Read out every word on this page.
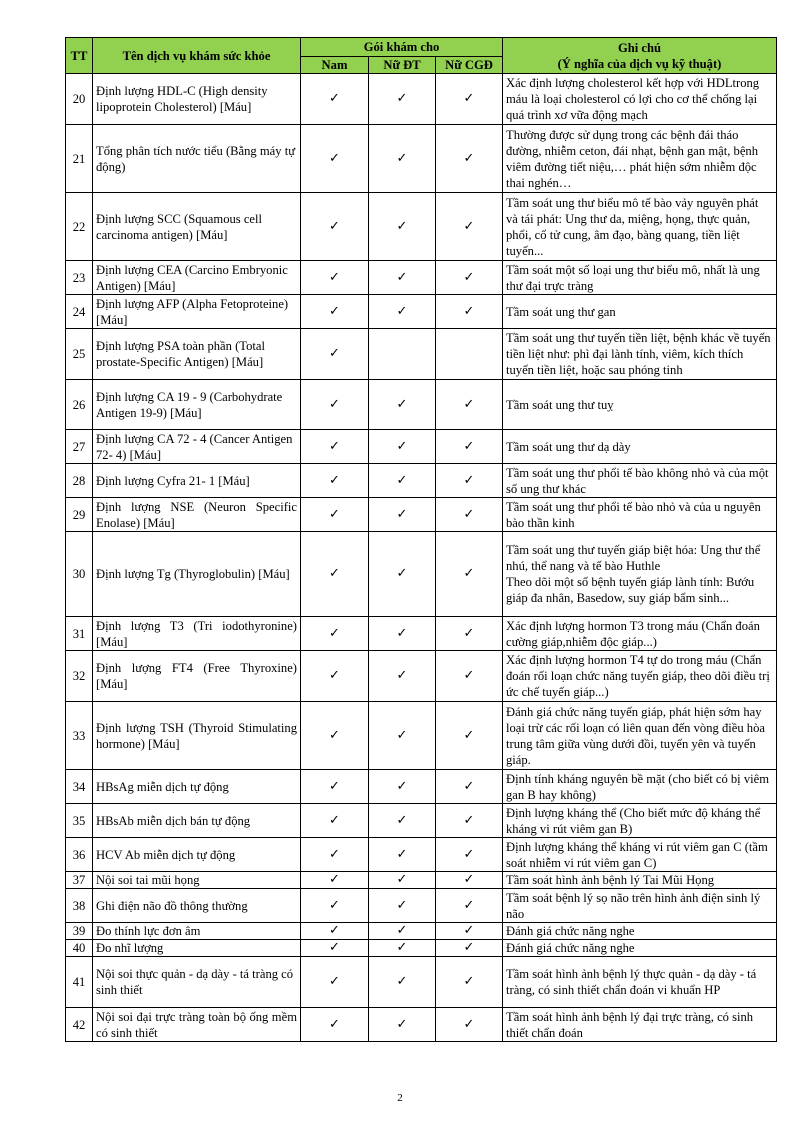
TT	Tên dịch vụ khám sức khỏe	Gói khám cho			Ghi chú
(Ý nghĩa của dịch vụ kỹ thuật)

		Nam	Nữ ĐT	Nữ CGĐ	
20	Định lượng HDL-C (High density lipoprotein Cholesterol) [Máu]	✓	✓	✓	Xác định lượng cholesterol kết hợp với HDLtrong máu là loại cholesterol có lợi cho cơ thể chống lại quá trình xơ vữa động mạch
21	Tổng phân tích nước tiểu (Bằng máy tự động)	✓	✓	✓	Thường được sử dụng trong các bệnh đái tháo đường, nhiễm ceton, đái nhạt, bệnh gan mật, bệnh viêm đường tiết niệu,… phát hiện sớm nhiễm độc thai nghén…
22	Định lượng SCC (Squamous cell carcinoma antigen) [Máu]	✓	✓	✓	Tầm soát ung thư biểu mô tế bào vảy nguyên phát và tái phát: Ung thư da, miệng, họng, thực quản, phổi, cổ tử cung, âm đạo, bàng quang, tiền liệt tuyến...
23	Định lượng CEA (Carcino Embryonic Antigen) [Máu]	✓	✓	✓	Tầm soát một số loại ung thư biểu mô, nhất là ung thư đại trực tràng
24	Định lượng AFP (Alpha Fetoproteine) [Máu]	✓	✓	✓	Tầm soát ung thư gan
25	Định lượng PSA toàn phần (Total prostate-Specific Antigen) [Máu]	✓			Tầm soát ung thư tuyến tiền liệt, bệnh khác về tuyến tiền liệt như: phì đại lành tính, viêm, kích thích tuyến tiền liệt, hoặc sau phóng tinh
26	Định lượng CA 19 - 9 (Carbohydrate Antigen 19-9) [Máu]	✓	✓	✓	Tầm soát ung thư tuỵ
27	Định lượng CA 72 - 4 (Cancer Antigen 72- 4) [Máu]	✓	✓	✓	Tầm soát ung thư dạ dày
28	Định lượng Cyfra 21- 1 [Máu]	✓	✓	✓	Tầm soát ung thư phổi tế bào không nhỏ và của một số ung thư khác
29	Định lượng NSE (Neuron Specific Enolase) [Máu]	✓	✓	✓	Tầm soát ung thư phổi tế bào nhỏ và của u nguyên bào thần kinh
30	Định lượng Tg (Thyroglobulin) [Máu]	✓	✓	✓	Tầm soát ung thư tuyến giáp biệt hóa: Ung thư thể nhú, thể nang và tế bào Huthle
Theo dõi một số bệnh tuyến giáp lành tính: Bướu giáp đa nhân, Basedow, suy giáp bẩm sinh...

31	Định lượng T3 (Tri iodothyronine) [Máu]	✓	✓	✓	Xác định lượng hormon T3 trong máu (Chẩn đoán cường giáp,nhiễm độc giáp...)
32	Định lượng FT4 (Free Thyroxine) [Máu]	✓	✓	✓	Xác định lượng hormon T4 tự do trong máu (Chẩn đoán rối loạn chức năng tuyến giáp, theo dõi điều trị ức chế tuyến giáp...)
33	Định lượng TSH (Thyroid Stimulating hormone) [Máu]	✓	✓	✓	Đánh giá chức năng tuyến giáp, phát hiện sớm hay loại trừ các rối loạn có liên quan đến vòng điều hòa trung tâm giữa vùng dưới đồi, tuyến yên và tuyến giáp.
34	HBsAg miễn dịch tự động	✓	✓	✓	Định tính kháng nguyên bề mặt (cho biết có bị viêm gan B hay không)
35	HBsAb miễn dịch bán tự động	✓	✓	✓	Định lượng kháng thể (Cho biết mức độ kháng thể kháng vi rút viêm gan B)
36	HCV Ab miễn dịch tự động	✓	✓	✓	Định lượng kháng thể kháng vi rút viêm gan C (tầm soát nhiễm vi rút viêm gan C)
37	Nội soi tai mũi họng	✓	✓	✓	Tầm soát hình ảnh bệnh lý Tai Mũi Họng
38	Ghi điện não đồ thông thường	✓	✓	✓	Tầm soát bệnh lý sọ não trên hình ảnh điện sinh lý não
39	Đo thính lực đơn âm	✓	✓	✓	Đánh giá chức năng nghe
40	Đo nhĩ lượng	✓	✓	✓	Đánh giá chức năng nghe
41	Nội soi thực quản - dạ dày - tá tràng có sinh thiết	✓	✓	✓	Tầm soát hình ảnh bệnh lý thực quản - dạ dày - tá tràng, có sinh thiết chẩn đoán vi khuẩn HP
42	Nội soi đại trực tràng toàn bộ ống mềm có sinh thiết	✓	✓	✓	Tầm soát hình ảnh bệnh lý đại trực tràng, có sinh thiết chẩn đoán
2
